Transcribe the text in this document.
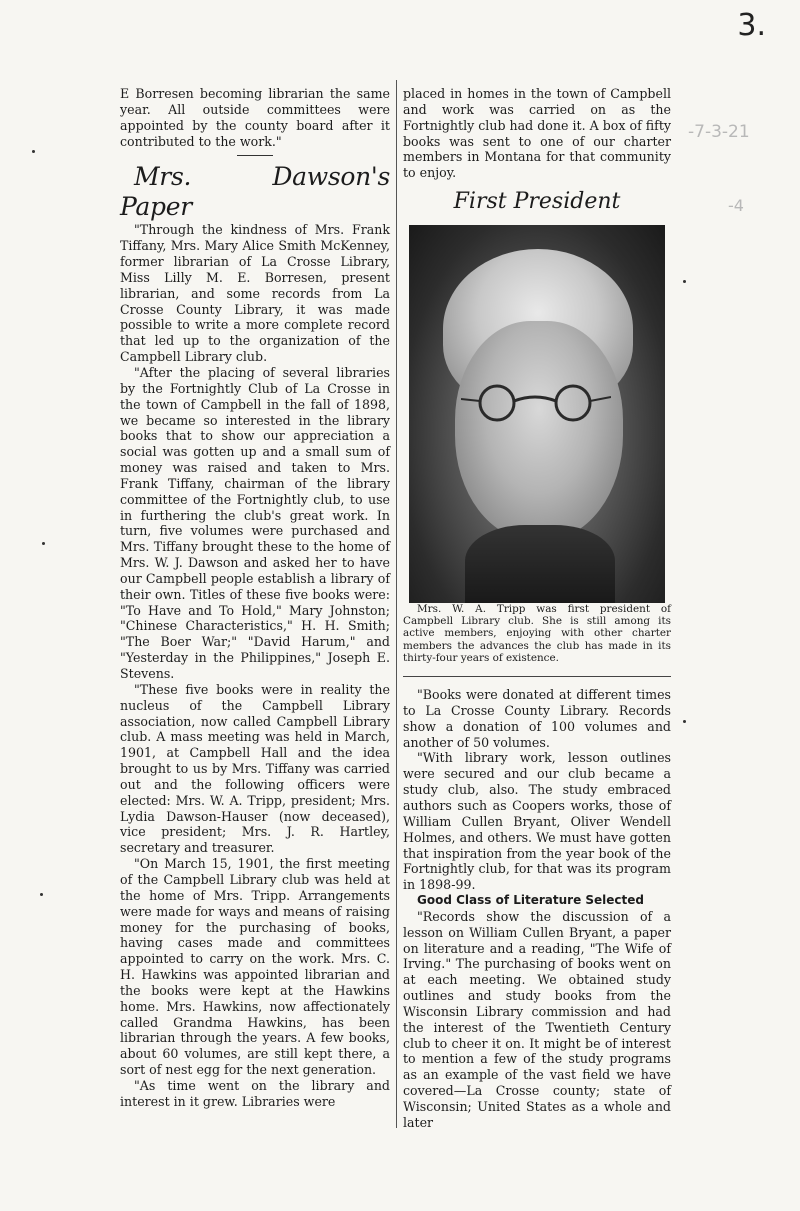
3.
-7-3-21
-4

E Borresen becoming librarian the same year. All outside committees were appointed by the county board after it contributed to the work."

Mrs. Dawson's Paper

"Through the kindness of Mrs. Frank Tiffany, Mrs. Mary Alice Smith McKenney, former librarian of La Crosse Library, Miss Lilly M. E. Borresen, present librarian, and some records from La Crosse County Library, it was made possible to write a more complete record that led up to the organization of the Campbell Library club.

"After the placing of several libraries by the Fortnightly Club of La Crosse in the town of Campbell in the fall of 1898, we became so interested in the library books that to show our appreciation a social was gotten up and a small sum of money was raised and taken to Mrs. Frank Tiffany, chairman of the library committee of the Fortnightly club, to use in furthering the club's great work. In turn, five volumes were purchased and Mrs. Tiffany brought these to the home of Mrs. W. J. Dawson and asked her to have our Campbell people establish a library of their own. Titles of these five books were: "To Have and To Hold," Mary Johnston; "Chinese Characteristics," H. H. Smith; "The Boer War;" "David Harum," and "Yesterday in the Philippines," Joseph E. Stevens.

"These five books were in reality the nucleus of the Campbell Library association, now called Campbell Library club. A mass meeting was held in March, 1901, at Campbell Hall and the idea brought to us by Mrs. Tiffany was carried out and the following officers were elected: Mrs. W. A. Tripp, president; Mrs. Lydia Dawson-Hauser (now deceased), vice president; Mrs. J. R. Hartley, secretary and treasurer.

"On March 15, 1901, the first meeting of the Campbell Library club was held at the home of Mrs. Tripp. Arrangements were made for ways and means of raising money for the purchasing of books, having cases made and committees appointed to carry on the work. Mrs. C. H. Hawkins was appointed librarian and the books were kept at the Hawkins home. Mrs. Hawkins, now affectionately called Grandma Hawkins, has been librarian through the years. A few books, about 60 volumes, are still kept there, a sort of nest egg for the next generation.

"As time went on the library and interest in it grew. Libraries were

placed in homes in the town of Campbell and work was carried on as the Fortnightly club had done it. A box of fifty books was sent to one of our charter members in Montana for that community to enjoy.

First President

Mrs. W. A. Tripp was first president of Campbell Library club. She is still among its active members, enjoying with other charter members the advances the club has made in its thirty-four years of existence.

"Books were donated at different times to La Crosse County Library. Records show a donation of 100 volumes and another of 50 volumes.

"With library work, lesson outlines were secured and our club became a study club, also. The study embraced authors such as Coopers works, those of William Cullen Bryant, Oliver Wendell Holmes, and others. We must have gotten that inspiration from the year book of the Fortnightly club, for that was its program in 1898-99.

Good Class of Literature Selected

"Records show the discussion of a lesson on William Cullen Bryant, a paper on literature and a reading, "The Wife of Irving." The purchasing of books went on at each meeting. We obtained study outlines and study books from the Wisconsin Library commission and had the interest of the Twentieth Century club to cheer it on. It might be of interest to mention a few of the study programs as an example of the vast field we have covered—La Crosse county; state of Wisconsin; United States as a whole and later
